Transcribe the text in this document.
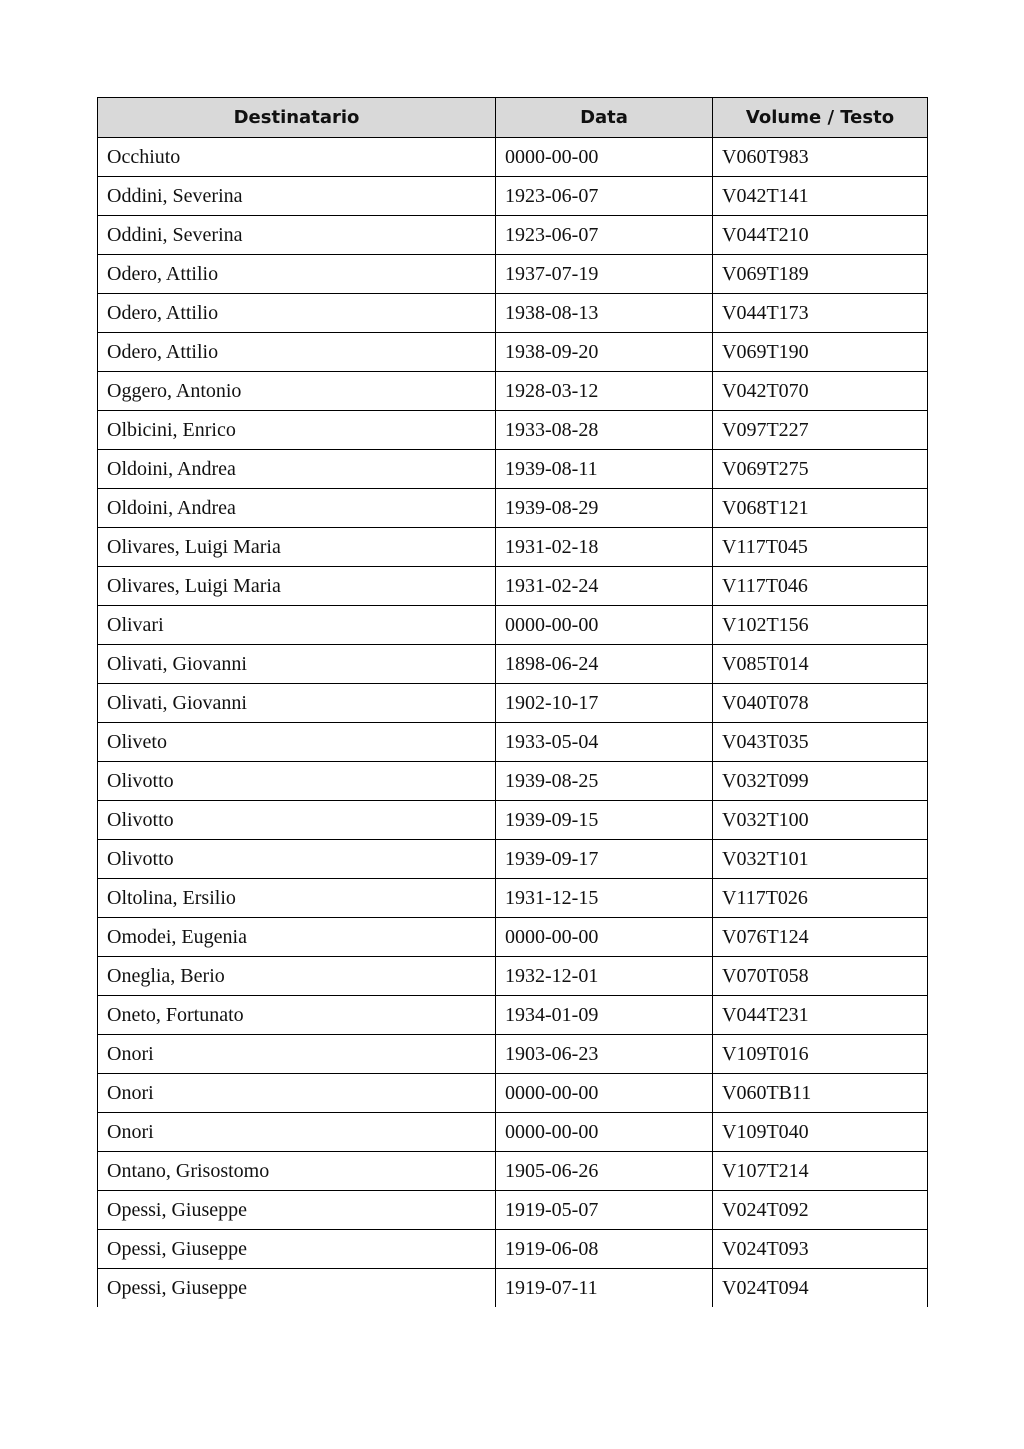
Destinatario	Data	Volume / Testo
Occhiuto	0000-00-00	V060T983
Oddini, Severina	1923-06-07	V042T141
Oddini, Severina	1923-06-07	V044T210
Odero, Attilio	1937-07-19	V069T189
Odero, Attilio	1938-08-13	V044T173
Odero, Attilio	1938-09-20	V069T190
Oggero, Antonio	1928-03-12	V042T070
Olbicini, Enrico	1933-08-28	V097T227
Oldoini, Andrea	1939-08-11	V069T275
Oldoini, Andrea	1939-08-29	V068T121
Olivares, Luigi Maria	1931-02-18	V117T045
Olivares, Luigi Maria	1931-02-24	V117T046
Olivari	0000-00-00	V102T156
Olivati, Giovanni	1898-06-24	V085T014
Olivati, Giovanni	1902-10-17	V040T078
Oliveto	1933-05-04	V043T035
Olivotto	1939-08-25	V032T099
Olivotto	1939-09-15	V032T100
Olivotto	1939-09-17	V032T101
Oltolina, Ersilio	1931-12-15	V117T026
Omodei, Eugenia	0000-00-00	V076T124
Oneglia, Berio	1932-12-01	V070T058
Oneto, Fortunato	1934-01-09	V044T231
Onori	1903-06-23	V109T016
Onori	0000-00-00	V060TB11
Onori	0000-00-00	V109T040
Ontano, Grisostomo	1905-06-26	V107T214
Opessi, Giuseppe	1919-05-07	V024T092
Opessi, Giuseppe	1919-06-08	V024T093
Opessi, Giuseppe	1919-07-11	V024T094
